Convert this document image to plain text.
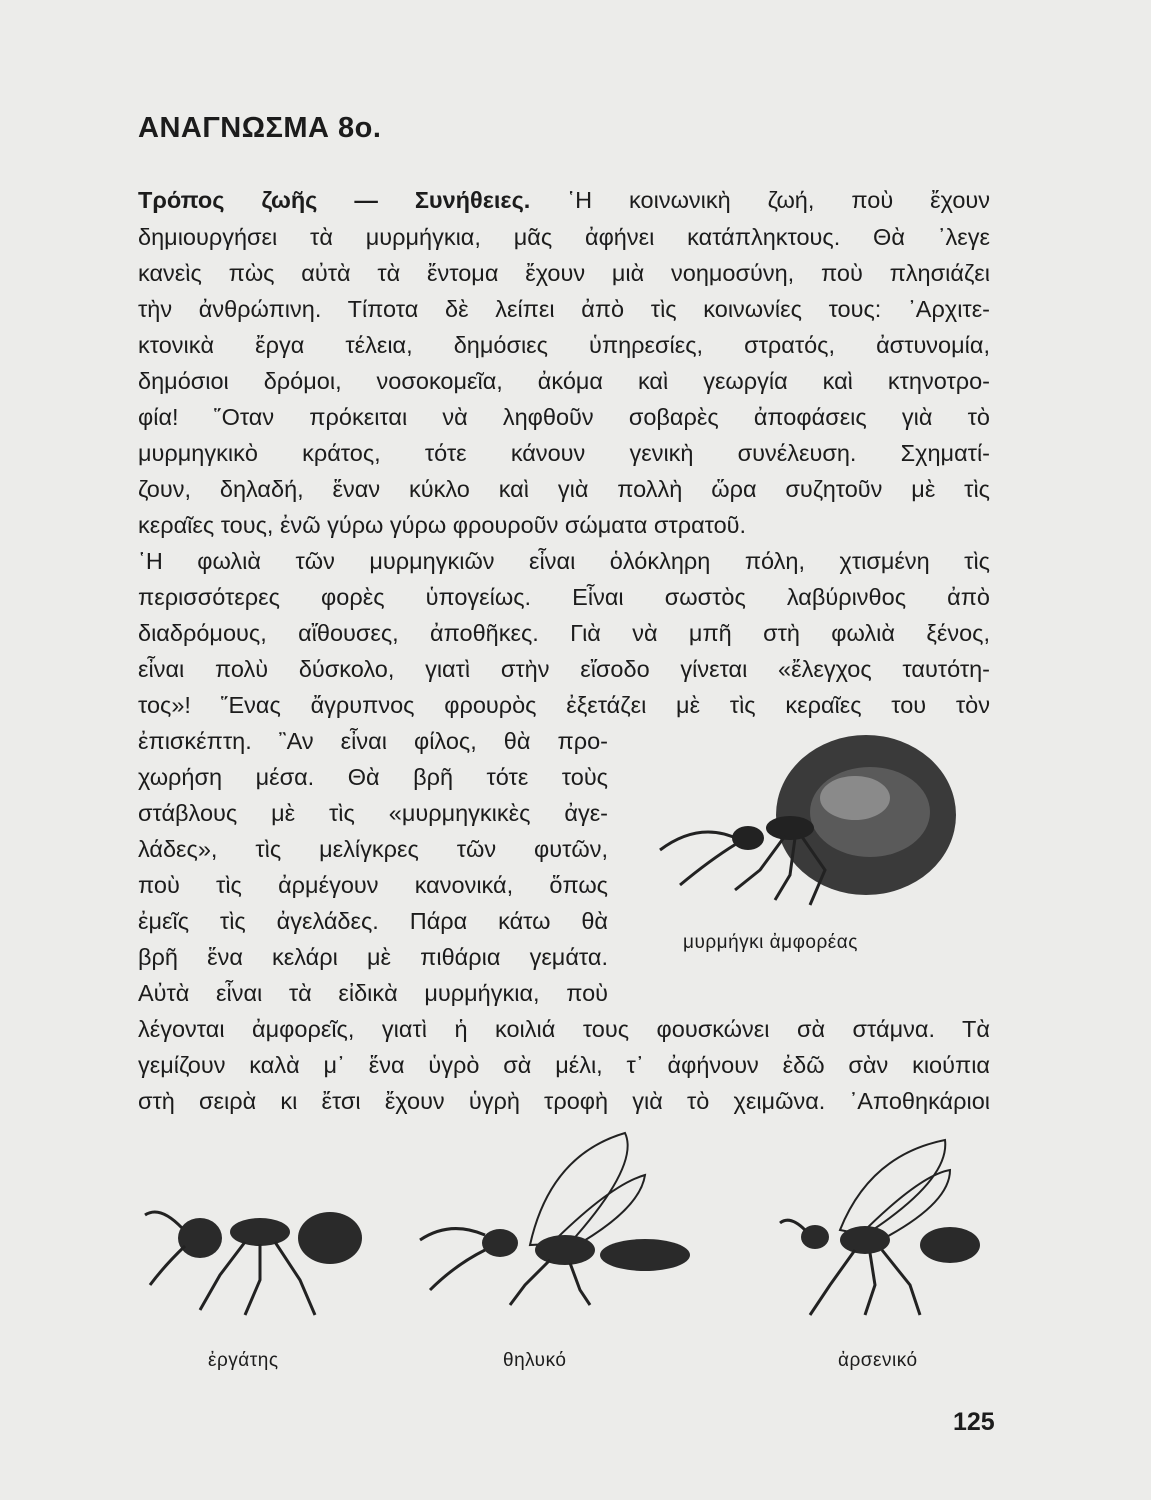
ΑΝΑΓΝΩΣΜΑ 8ο.
Τρόπος ζωῆς — Συνήθειες. ῾Η κοινωνικὴ ζωή, ποὺ ἔχουν
δημιουργήσει τὰ μυρμήγκια, μᾶς ἀφήνει κατάπληκτους. Θὰ ᾽λεγε
κανεὶς πὼς αὐτὰ τὰ ἔντομα ἔχουν μιὰ νοημοσύνη, ποὺ πλησιάζει
τὴν ἀνθρώπινη. Τίποτα δὲ λείπει ἀπὸ τὶς κοινωνίες τους: ᾽Αρχιτε-
κτονικὰ ἔργα τέλεια, δημόσιες ὑπηρεσίες, στρατός, ἀστυνομία,
δημόσιοι δρόμοι, νοσοκομεῖα, ἀκόμα καὶ γεωργία καὶ κτηνοτρο-
φία! ῞Οταν πρόκειται νὰ ληφθοῦν σοβαρὲς ἀποφάσεις γιὰ τὸ
μυρμηγκικὸ κράτος, τότε κάνουν γενικὴ συνέλευση. Σχηματί-
ζουν, δηλαδή, ἕναν κύκλο καὶ γιὰ πολλὴ ὥρα συζητοῦν μὲ τὶς
κεραῖες τους, ἐνῶ γύρω γύρω φρουροῦν σώματα στρατοῦ.
῾Η φωλιὰ τῶν μυρμηγκιῶν εἶναι ὁλόκληρη πόλη, χτισμένη τὶς
περισσότερες φορὲς ὑπογείως. Εἶναι σωστὸς λαβύρινθος ἀπὸ
διαδρόμους, αἴθουσες, ἀποθῆκες. Γιὰ νὰ μπῆ στὴ φωλιὰ ξένος,
εἶναι πολὺ δύσκολο, γιατὶ στὴν εἴσοδο γίνεται «ἔλεγχος ταυτότη-
τος»! ῞Ενας ἄγρυπνος φρουρὸς ἐξετάζει μὲ τὶς κεραῖες του τὸν
ἐπισκέπτη. ῍Αν εἶναι φίλος, θὰ προ-
χωρήση μέσα. Θὰ βρῆ τότε τοὺς
στάβλους μὲ τὶς «μυρμηγκικὲς ἀγε-
λάδες», τὶς μελίγκρες τῶν φυτῶν,
ποὺ τὶς ἀρμέγουν κανονικά, ὅπως
ἐμεῖς τὶς ἀγελάδες. Πάρα κάτω θὰ
βρῆ ἕνα κελάρι μὲ πιθάρια γεμάτα.
Αὐτὰ εἶναι τὰ εἰδικὰ μυρμήγκια, ποὺ
λέγονται ἀμφορεῖς, γιατὶ ἡ κοιλιά τους φουσκώνει σὰ στάμνα. Τὰ
γεμίζουν καλὰ μ᾽ ἕνα ὑγρὸ σὰ μέλι, τ᾽ ἀφήνουν ἐδῶ σὰν κιούπια
στὴ σειρὰ κι ἔτσι ἔχουν ὑγρὴ τροφὴ γιὰ τὸ χειμῶνα. ᾽Αποθηκάριοι
μυρμήγκι ἀμφορέας
ἐργάτης	θηλυκό	ἀρσενικό
125
